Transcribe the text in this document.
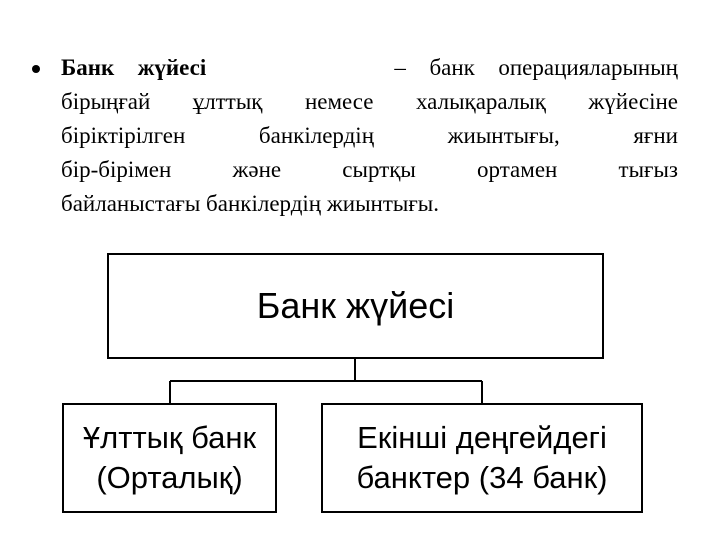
Банк жүйесі	– банк операцияларының
бірыңғай ұлттық немесе халықаралық жүйесіне
біріктірілген банкілердің жиынтығы, яғни
бір-бірімен және сыртқы ортамен тығыз
байланыстағы банкілердің жиынтығы.
Банк жүйесі
Ұлттық банк
(Орталық)
Екінші деңгейдегі
банктер (34 банк)
